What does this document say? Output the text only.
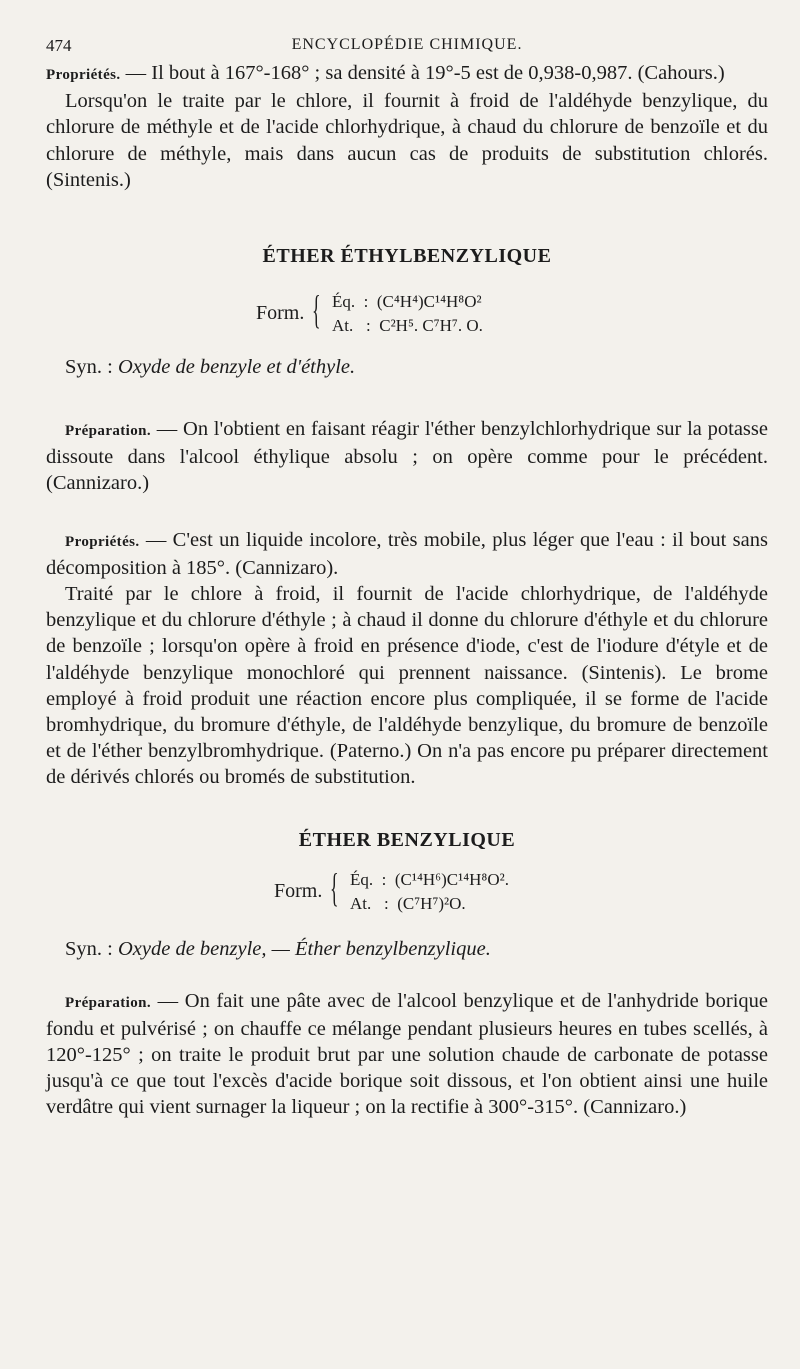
474	ENCYCLOPÉDIE CHIMIQUE.

Propriétés. — Il bout à 167°-168° ; sa densité à 19°-5 est de 0,938-0,987. (Cahours.)

Lorsqu'on le traite par le chlore, il fournit à froid de l'aldéhyde benzylique, du chlorure de méthyle et de l'acide chlorhydrique, à chaud du chlorure de benzoïle et du chlorure de méthyle, mais dans aucun cas de produits de substitution chlorés. (Sintenis.)

ÉTHER ÉTHYLBENZYLIQUE
Form. { Éq. : (C⁴H⁴)C¹⁴H⁸O²
At. : C²H⁵. C⁷H⁷. O.

Syn. : Oxyde de benzyle et d'éthyle.

Préparation. — On l'obtient en faisant réagir l'éther benzylchlorhydrique sur la potasse dissoute dans l'alcool éthylique absolu ; on opère comme pour le précédent. (Cannizaro.)

Propriétés. — C'est un liquide incolore, très mobile, plus léger que l'eau : il bout sans décomposition à 185°. (Cannizaro).

Traité par le chlore à froid, il fournit de l'acide chlorhydrique, de l'aldéhyde benzylique et du chlorure d'éthyle ; à chaud il donne du chlorure d'éthyle et du chlorure de benzoïle ; lorsqu'on opère à froid en présence d'iode, c'est de l'iodure d'étyle et de l'aldéhyde benzylique monochloré qui prennent naissance. (Sintenis). Le brome employé à froid produit une réaction encore plus compliquée, il se forme de l'acide bromhydrique, du bromure d'éthyle, de l'aldéhyde benzylique, du bromure de benzoïle et de l'éther benzylbromhydrique. (Paterno.) On n'a pas encore pu préparer directement de dérivés chlorés ou bromés de substitution.

ÉTHER BENZYLIQUE
Form. { Éq. : (C¹⁴H⁶)C¹⁴H⁸O².
At. : (C⁷H⁷)²O.

Syn. : Oxyde de benzyle, — Éther benzylbenzylique.

Préparation. — On fait une pâte avec de l'alcool benzylique et de l'anhydride borique fondu et pulvérisé ; on chauffe ce mélange pendant plusieurs heures en tubes scellés, à 120°-125° ; on traite le produit brut par une solution chaude de carbonate de potasse jusqu'à ce que tout l'excès d'acide borique soit dissous, et l'on obtient ainsi une huile verdâtre qui vient surnager la liqueur ; on la rectifie à 300°-315°. (Cannizaro.)
